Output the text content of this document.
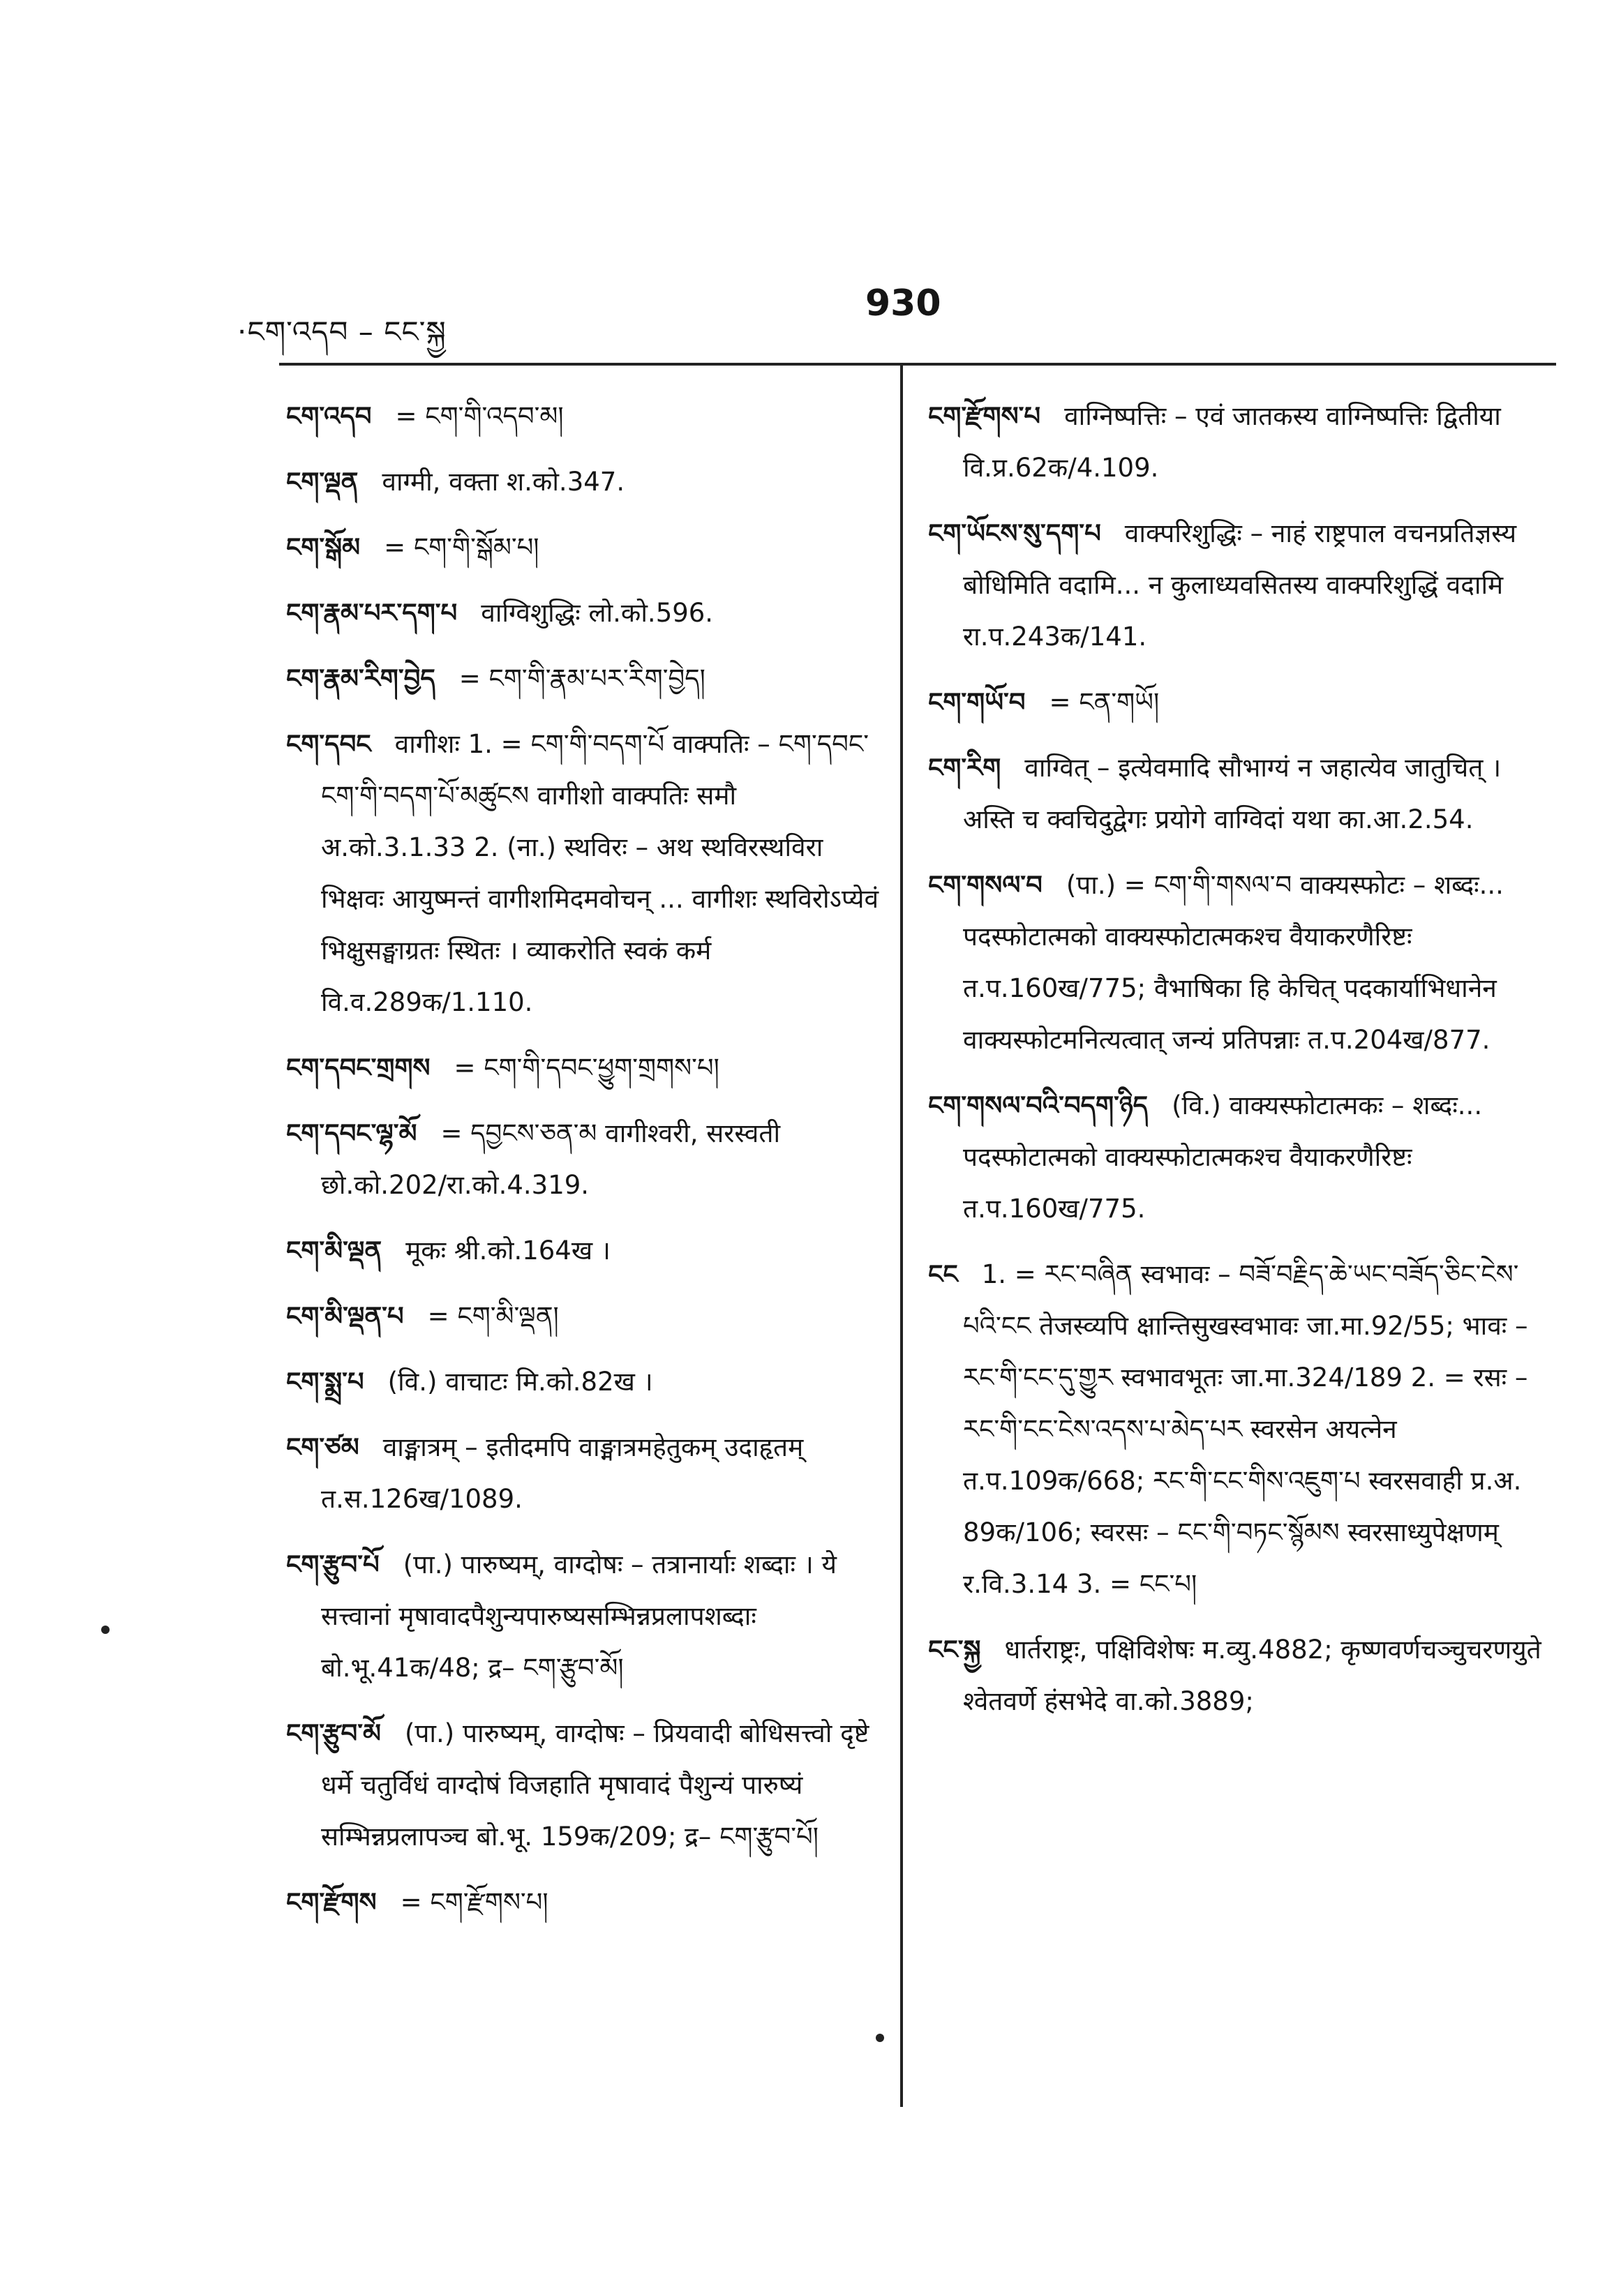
·ངག་འདབ – ངང་སྐྱ
930
ངག་འདབ = ངག་གི་འདབ་མ།
ངག་ལྡན वाग्मी, वक्ता श.को.347.
ངག་སྒོམ = ངག་གི་སྒོམ་པ།
ངག་རྣམ་པར་དག་པ वाग्विशुद्धिः लो.को.596.
ངག་རྣམ་རིག་བྱེད = ངག་གི་རྣམ་པར་རིག་བྱེད།
ངག་དབང वागीशः 1. = ངག་གི་བདག་པོ वाक्पतिः – ངག་དབང་ངག་གི་བདག་པོ་མཚུངས वागीशो वाक्पतिः समौ अ.को.3.1.33 2. (ना.) स्थविरः – अथ स्थविरस्थविरा भिक्षवः आयुष्मन्तं वागीशमिदमवोचन् ... वागीशः स्थविरोऽप्येवं भिक्षुसङ्घाग्रतः स्थितः । व्याकरोति स्वकं कर्म वि.व.289क/1.110.
ངག་དབང་གྲགས = ངག་གི་དབང་ཕྱུག་གྲགས་པ།
ངག་དབང་ལྷ་མོ = དབྱངས་ཅན་མ वागीश्वरी, सरस्वती छो.को.202/रा.को.4.319.
ངག་མི་ལྡན मूकः श्री.को.164ख ।
ངག་མི་ལྡན་པ = ངག་མི་ལྡན།
ངག་སྨྲ་པ (वि.) वाचाटः मि.को.82ख ।
ངག་ཙམ वाङ्मात्रम् – इतीदमपि वाङ्मात्रमहेतुकम् उदाहृतम् त.स.126ख/1089.
ངག་རྩུབ་པོ (पा.) पारुष्यम्, वाग्दोषः – तत्रानार्याः शब्दाः । ये सत्त्वानां मृषावादपैशुन्यपारुष्यसम्भिन्नप्रलापशब्दाः बो.भू.41क/48; द्र– ངག་རྩུབ་མོ།
ངག་རྩུབ་མོ (पा.) पारुष्यम्, वाग्दोषः – प्रियवादी बोधिसत्त्वो दृष्टे धर्मे चतुर्विधं वाग्दोषं विजहाति मृषावादं पैशुन्यं पारुष्यं सम्भिन्नप्रलापञ्च बो.भू. 159क/209; द्र– ངག་རྩུབ་པོ།
ངག་རྫོགས = ངག་རྫོགས་པ།
ངག་རྫོགས་པ वाग्निष्पत्तिः – एवं जातकस्य वाग्निष्पत्तिः द्वितीया वि.प्र.62क/4.109.
ངག་ཡོངས་སུ་དག་པ वाक्परिशुद्धिः – नाहं राष्ट्रपाल वचनप्रतिज्ञस्य बोधिमिति वदामि... न कुलाध्यवसितस्य वाक्परिशुद्धिं वदामि रा.प.243क/141.
ངག་གཡོ་བ = ངན་གཡོ།
ངག་རིག वाग्वित् – इत्येवमादि सौभाग्यं न जहात्येव जातुचित् । अस्ति च क्वचिदुद्वेगः प्रयोगे वाग्विदां यथा का.आ.2.54.
ངག་གསལ་བ (पा.) = ངག་གི་གསལ་བ वाक्यस्फोटः – शब्दः... पदस्फोटात्मको वाक्यस्फोटात्मकश्च वैयाकरणैरिष्टः त.प.160ख/775; वैभाषिका हि केचित् पदकार्याभिधानेन वाक्यस्फोटमनित्यत्वात् जन्यं प्रतिपन्नाः त.प.204ख/877.
ངག་གསལ་བའི་བདག་ཉིད (वि.) वाक्यस्फोटात्मकः – शब्दः... पदस्फोटात्मको वाक्यस्फोटात्मकश्च वैयाकरणैरिष्टः त.प.160ख/775.
ངང 1. = རང་བཞིན स्वभावः – བཟོ་བརྗིད་ཆེ་ཡང་བཟོད་ཅིང་ངེས་པའི་ངང तेजस्व्यपि क्षान्तिसुखस्वभावः जा.मा.92/55; भावः – རང་གི་ངང་དུ་གྱུར स्वभावभूतः जा.मा.324/189 2. = रसः – རང་གི་ངང་ངེས་འདས་པ་མེད་པར स्वरसेन अयत्नेन त.प.109क/668; རང་གི་ངང་གིས་འཇུག་པ स्वरसवाही प्र.अ. 89क/106; स्वरसः – ངང་གི་བཏང་སྙོམས स्वरसाध्युपेक्षणम् र.वि.3.14 3. = ངང་པ།
ངང་སྐྱ धार्तराष्ट्रः, पक्षिविशेषः म.व्यु.4882; कृष्णवर्णचञ्चुचरणयुते श्वेतवर्णे हंसभेदे वा.को.3889;
